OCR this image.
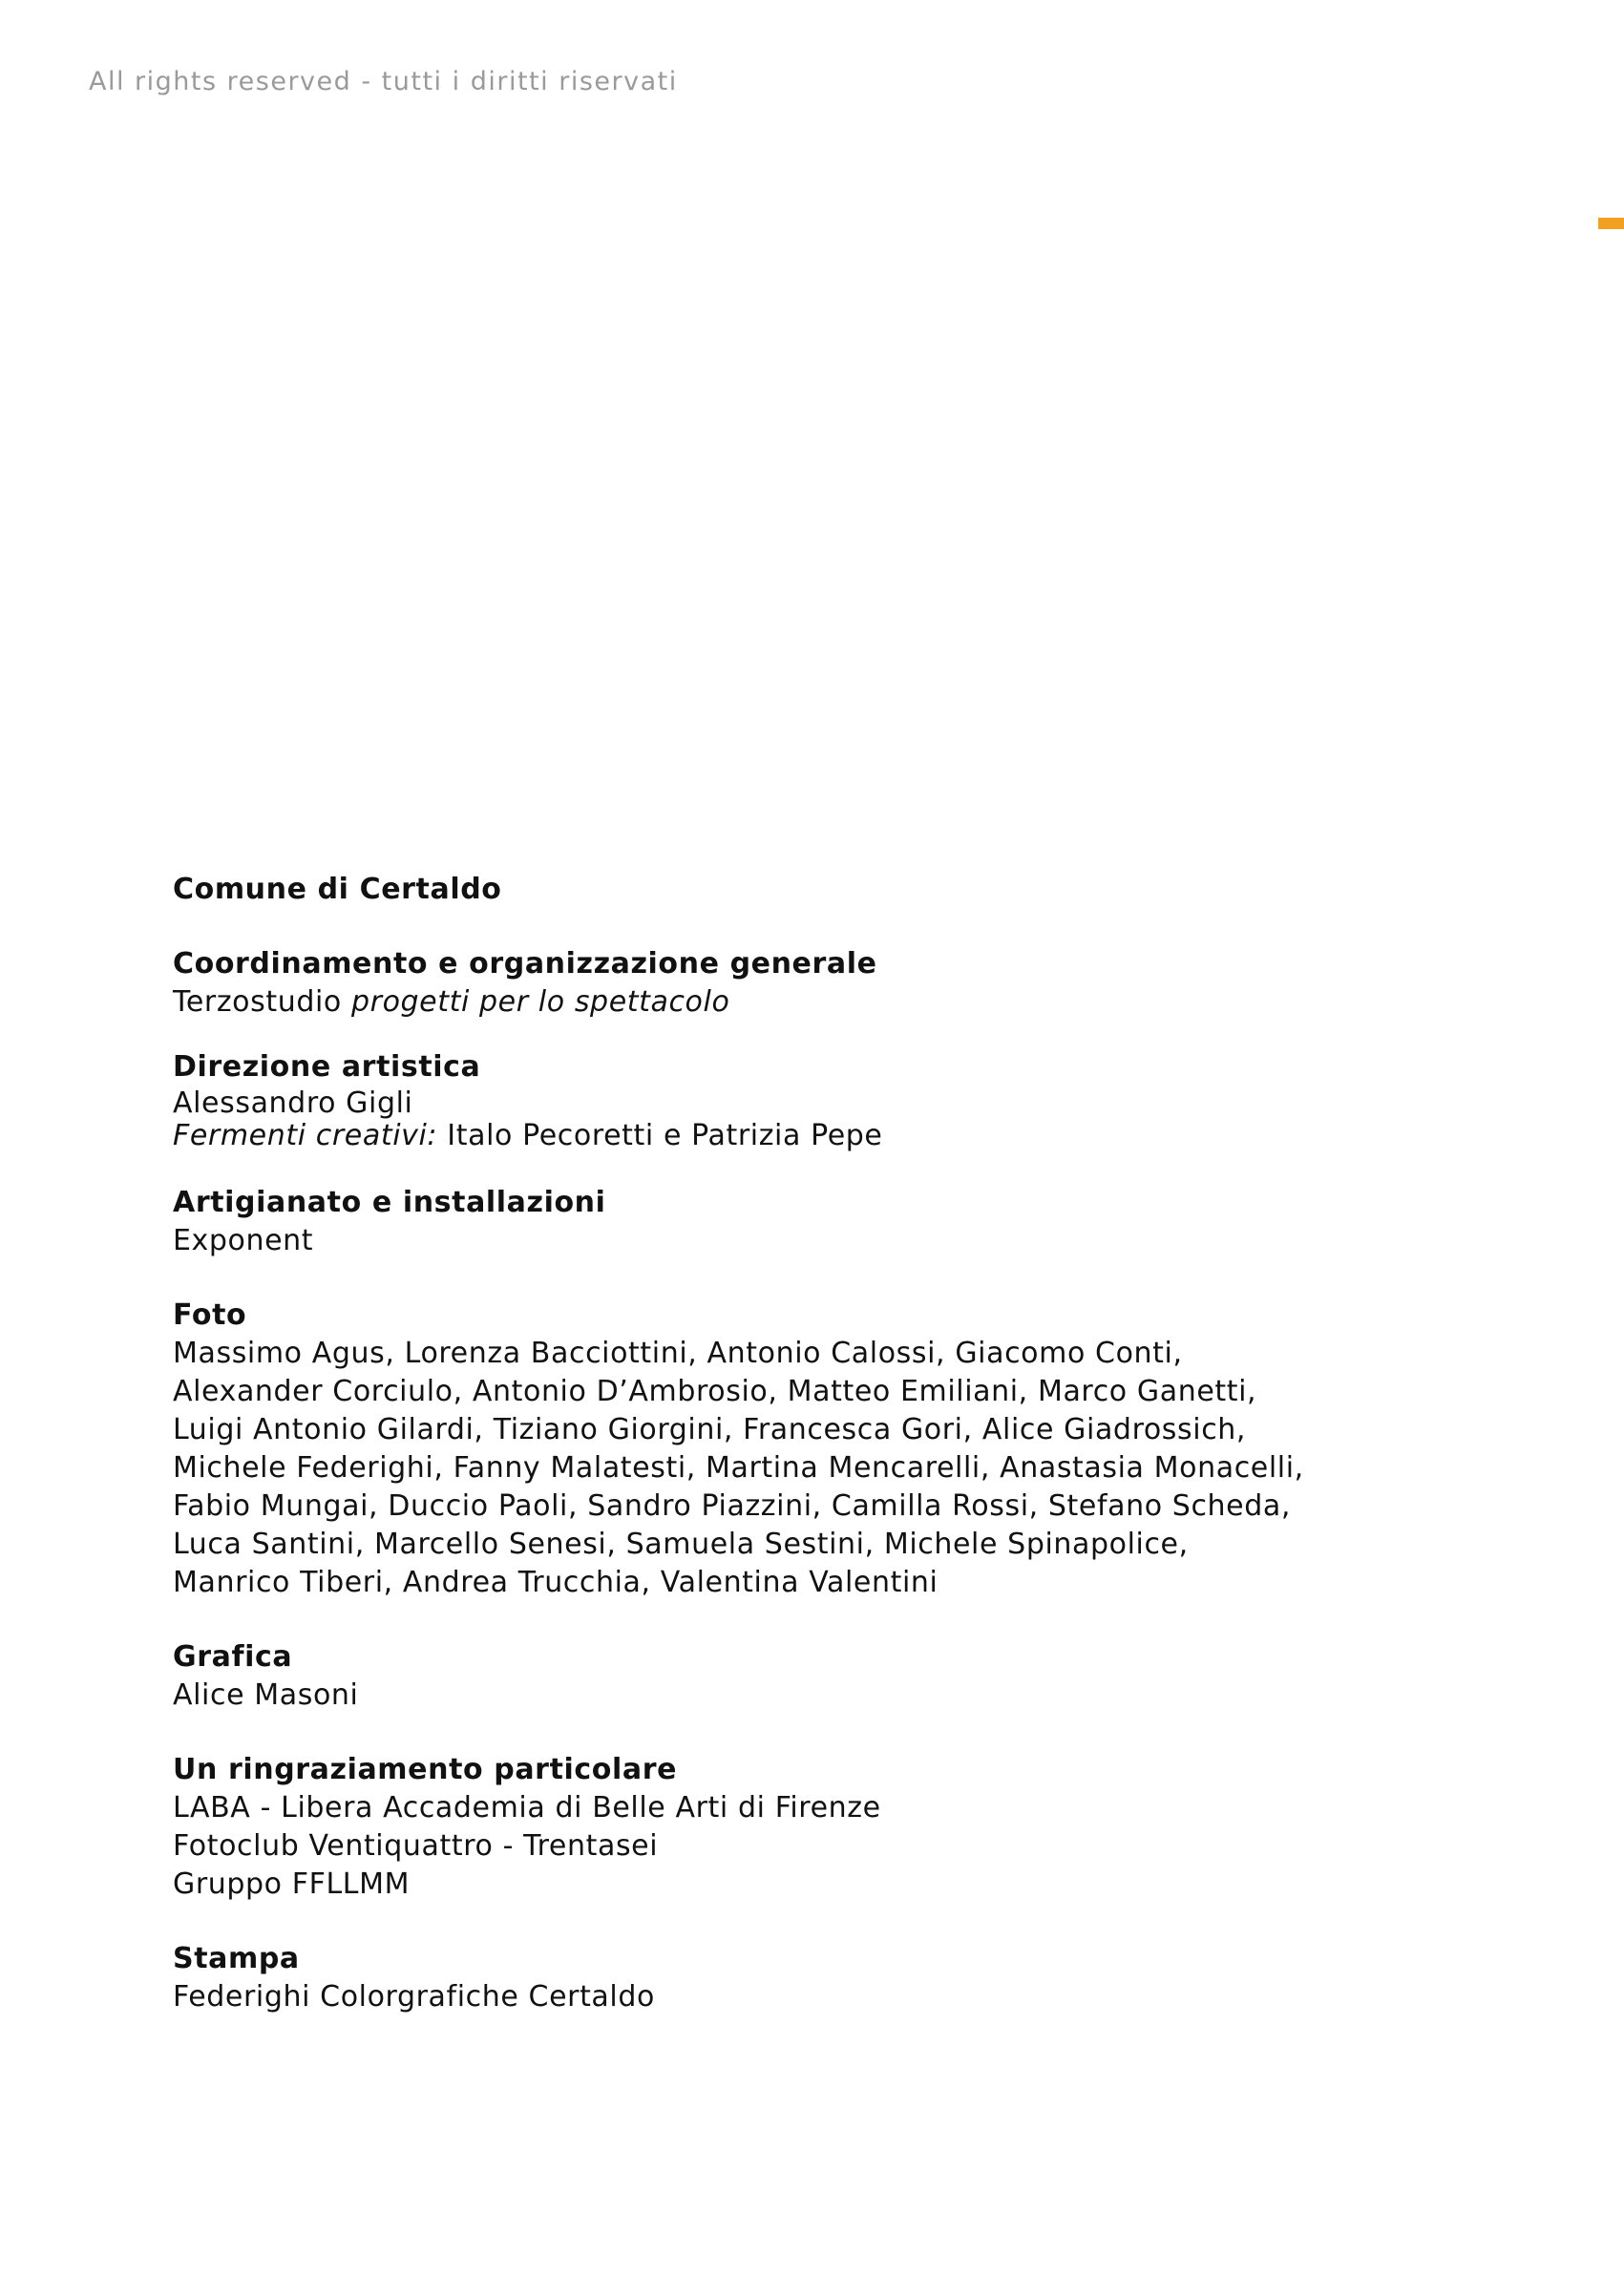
All rights reserved - tutti i diritti riservati

Comune di Certaldo
Coordinamento e organizzazione generale
Terzostudio progetti per lo spettacolo
Direzione artistica
Alessandro Gigli
Fermenti creativi: Italo Pecoretti e Patrizia Pepe
Artigianato e installazioni
Exponent
Foto
Massimo Agus, Lorenza Bacciottini, Antonio Calossi, Giacomo Conti,
Alexander Corciulo, Antonio D’Ambrosio, Matteo Emiliani, Marco Ganetti,
Luigi Antonio Gilardi, Tiziano Giorgini, Francesca Gori, Alice Giadrossich,
Michele Federighi, Fanny Malatesti, Martina Mencarelli, Anastasia Monacelli,
Fabio Mungai, Duccio Paoli, Sandro Piazzini, Camilla Rossi, Stefano Scheda,
Luca Santini, Marcello Senesi, Samuela Sestini, Michele Spinapolice,
Manrico Tiberi, Andrea Trucchia, Valentina Valentini
Grafica
Alice Masoni
Un ringraziamento particolare
LABA - Libera Accademia di Belle Arti di Firenze
Fotoclub Ventiquattro - Trentasei
Gruppo FFLLMM
Stampa
Federighi Colorgrafiche Certaldo
